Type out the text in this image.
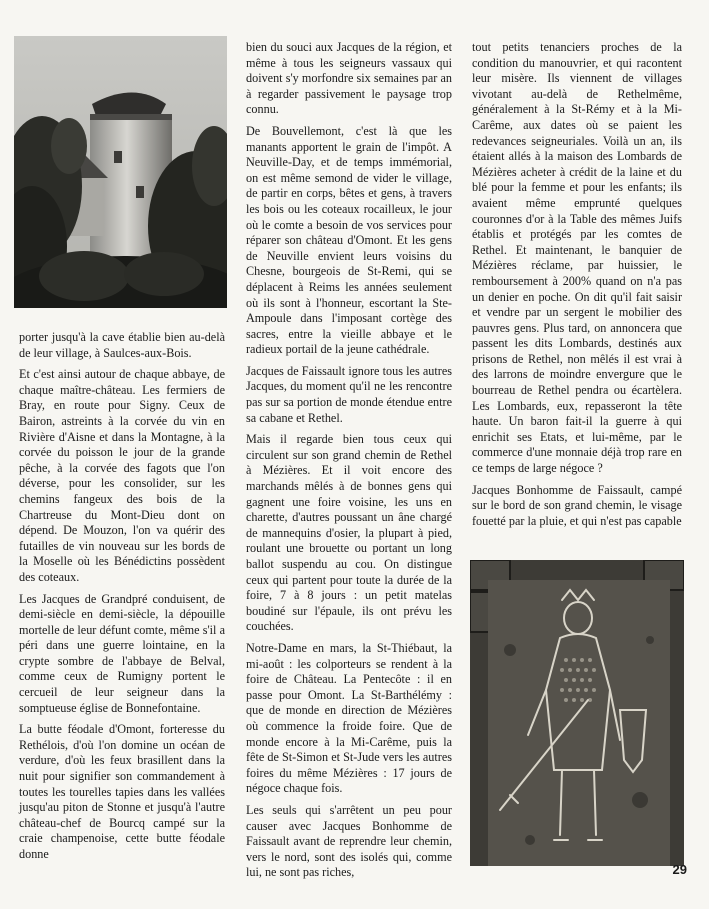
porter jusqu'à la cave établie bien au-delà de leur village, à Saulces-aux-Bois.

Et c'est ainsi autour de chaque abbaye, de chaque maître-château. Les fermiers de Bray, en route pour Signy. Ceux de Bairon, astreints à la corvée du vin en Rivière d'Aisne et dans la Montagne, à la corvée du poisson le jour de la grande pêche, à la corvée des fagots que l'on déverse, pour les consolider, sur les chemins fangeux des bois de la Chartreuse du Mont-Dieu dont on dépend. De Mouzon, l'on va quérir des futailles de vin nouveau sur les bords de la Moselle où les Bénédictins possèdent des coteaux.

Les Jacques de Grandpré conduisent, de demi-siècle en demi-siècle, la dépouille mortelle de leur défunt comte, même s'il a péri dans une guerre lointaine, en la crypte sombre de l'abbaye de Belval, comme ceux de Rumigny portent le cercueil de leur seigneur dans la somptueuse église de Bonnefontaine.

La butte féodale d'Omont, forteresse du Rethélois, d'où l'on domine un océan de verdure, d'où les feux brasillent dans la nuit pour signifier son commandement à toutes les tourelles tapies dans les vallées jusqu'au piton de Stonne et jusqu'à l'autre château-chef de Bourcq campé sur la craie champenoise, cette butte féodale donne

bien du souci aux Jacques de la région, et même à tous les seigneurs vassaux qui doivent s'y morfondre six semaines par an à regarder passivement le paysage trop connu.

De Bouvellemont, c'est là que les manants apportent le grain de l'impôt. A Neuville-Day, et de temps immémorial, on est même semond de vider le village, de partir en corps, bêtes et gens, à travers les bois ou les coteaux rocailleux, le jour où le comte a besoin de vos services pour réparer son château d'Omont. Et les gens de Neuville envient leurs voisins du Chesne, bourgeois de St-Remi, qui se déplacent à Reims les années seulement où ils sont à l'honneur, escortant la Ste-Ampoule dans l'imposant cortège des sacres, entre la vieille abbaye et le radieux portail de la jeune cathédrale.

Jacques de Faissault ignore tous les autres Jacques, du moment qu'il ne les rencontre pas sur sa portion de monde étendue entre sa cabane et Rethel.

Mais il regarde bien tous ceux qui circulent sur son grand chemin de Rethel à Mézières. Et il voit encore des marchands mêlés à de bonnes gens qui gagnent une foire voisine, les uns en charette, d'autres poussant un âne chargé de mannequins d'osier, la plupart à pied, roulant une brouette ou portant un long ballot suspendu au cou. On distingue ceux qui partent pour toute la durée de la foire, 7 à 8 jours : un petit matelas boudiné sur l'épaule, ils ont prévu les couchées.

Notre-Dame en mars, la St-Thiébaut, la mi-août : les colporteurs se rendent à la foire de Château. La Pentecôte : il en passe pour Omont. La St-Barthélémy : que de monde en direction de Mézières où commence la froide foire. Que de monde encore à la Mi-Carême, puis la fête de St-Simon et St-Jude vers les autres foires du même Mézières : 17 jours de négoce chaque fois.

Les seuls qui s'arrêtent un peu pour causer avec Jacques Bonhomme de Faissault avant de reprendre leur chemin, vers le nord, sont des isolés qui, comme lui, ne sont pas riches,

tout petits tenanciers proches de la condition du manouvrier, et qui racontent leur misère. Ils viennent de villages vivotant au-delà de Rethelmême, généralement à la St-Rémy et à la Mi-Carême, aux dates où se paient les redevances seigneuriales. Voilà un an, ils étaient allés à la maison des Lombards de Mézières acheter à crédit de la laine et du blé pour la femme et pour les enfants; ils avaient même emprunté quelques couronnes d'or à la Table des mêmes Juifs établis et protégés par les comtes de Rethel. Et maintenant, le banquier de Mézières réclame, par huissier, le remboursement à 200% quand on n'a pas un denier en poche. On dit qu'il fait saisir et vendre par un sergent le mobilier des pauvres gens. Plus tard, on annoncera que passent les dits Lombards, destinés aux prisons de Rethel, non mêlés il est vrai à des larrons de moindre envergure que le bourreau de Rethel pendra ou écartèlera. Les Lombards, eux, repasseront la tête haute. Un baron fait-il la guerre à qui enrichit ses Etats, et lui-même, par le commerce d'une monnaie déjà trop rare en ce temps de large négoce ?

Jacques Bonhomme de Faissault, campé sur le bord de son grand chemin, le visage fouetté par la pluie, et qui n'est pas capable

29
